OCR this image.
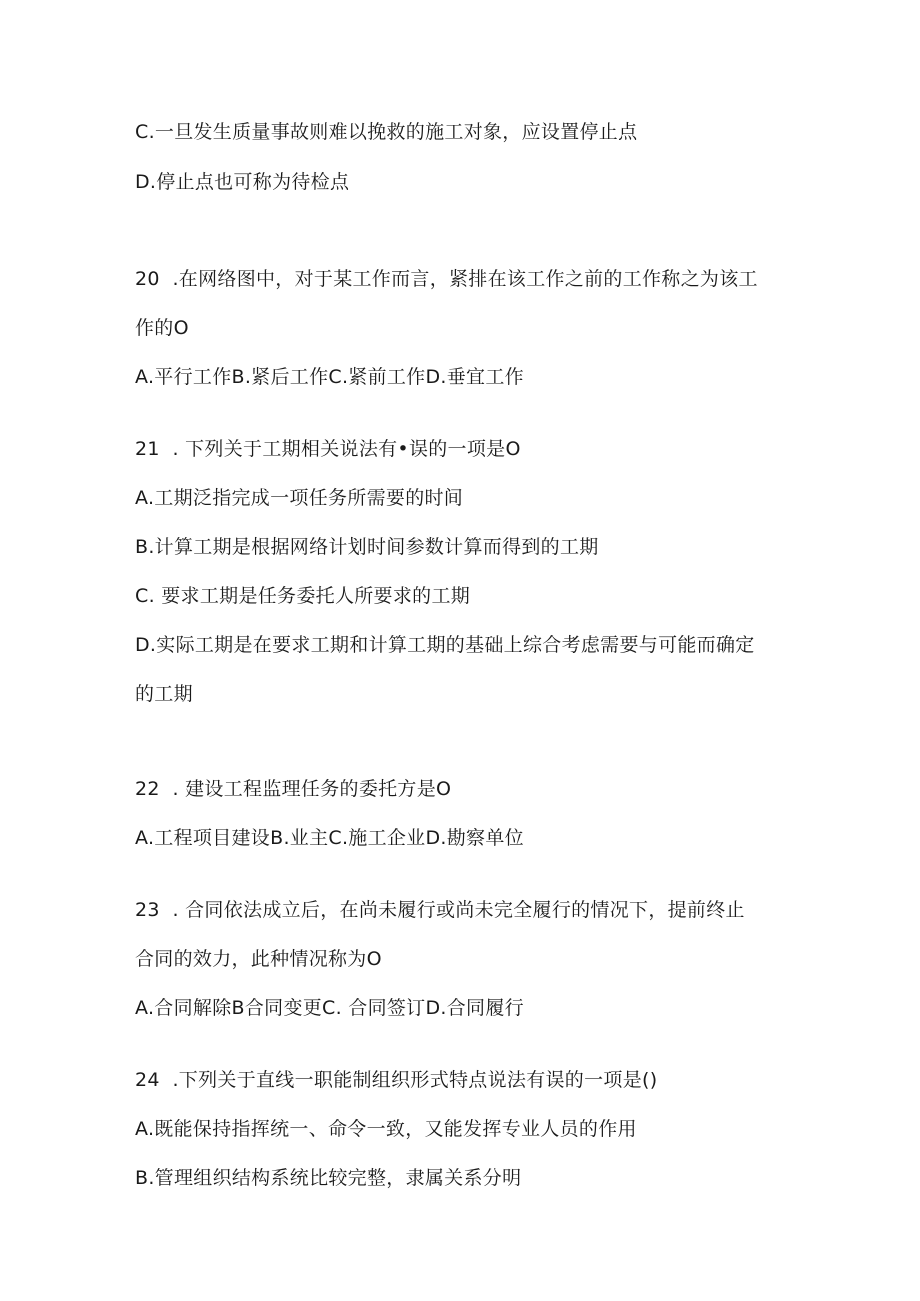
C.一旦发生质量事故则难以挽救的施工对象，应设置停止点
D.停止点也可称为待检点
20  .在网络图中，对于某工作而言，紧排在该工作之前的工作称之为该工
作的O
A.平行工作B.紧后工作C.紧前工作D.垂宜工作
21  . 下列关于工期相关说法有•误的一项是O
A.工期泛指完成一项任务所需要的时间
B.计算工期是根据网络计划时间参数计算而得到的工期
C. 要求工期是任务委托人所要求的工期
D.实际工期是在要求工期和计算工期的基础上综合考虑需要与可能而确定
的工期
22  . 建设工程监理任务的委托方是O
A.工程项目建设B.业主C.施工企业D.勘察单位
23  . 合同依法成立后，在尚未履行或尚未完全履行的情况下，提前终止
合同的效力，此种情况称为O
A.合同解除B合同变更C. 合同签订D.合同履行
24  .下列关于直线一职能制组织形式特点说法有误的一项是()
A.既能保持指挥统一、命令一致，又能发挥专业人员的作用
B.管理组织结构系统比较完整，隶属关系分明
